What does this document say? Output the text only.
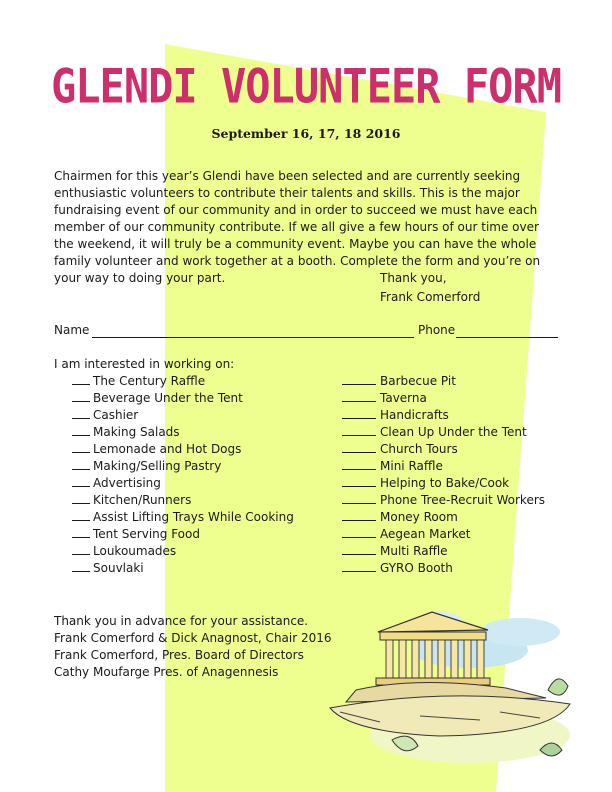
GLENDI VOLUNTEER FORM
September 16, 17, 18 2016
Chairmen for this year’s Glendi have been selected and are currently seeking enthusiastic volunteers to contribute their talents and skills. This is the major fundraising event of our community and in order to succeed we must have each member of our community contribute. If we all give a few hours of our time over the weekend, it will truly be a community event. Maybe you can have the whole family volunteer and work together at a booth. Complete the form and you’re on your way to doing your part.	Thank you,
Frank Comerford
Name	Phone
I am interested in working on:
The Century Raffle
Beverage Under the Tent
Cashier
Making Salads
Lemonade and Hot Dogs
Making/Selling Pastry
Advertising
Kitchen/Runners
Assist Lifting Trays While Cooking
Tent Serving Food
Loukoumades
Souvlaki
Barbecue Pit
Taverna
Handicrafts
Clean Up Under the Tent
Church Tours
Mini Raffle
Helping to Bake/Cook
Phone Tree-Recruit Workers
Money Room
Aegean Market
Multi Raffle
GYRO Booth
Thank you in advance for your assistance.
Frank Comerford & Dick Anagnost, Chair 2016
Frank Comerford, Pres. Board of Directors
Cathy Moufarge Pres. of Anagennesis
